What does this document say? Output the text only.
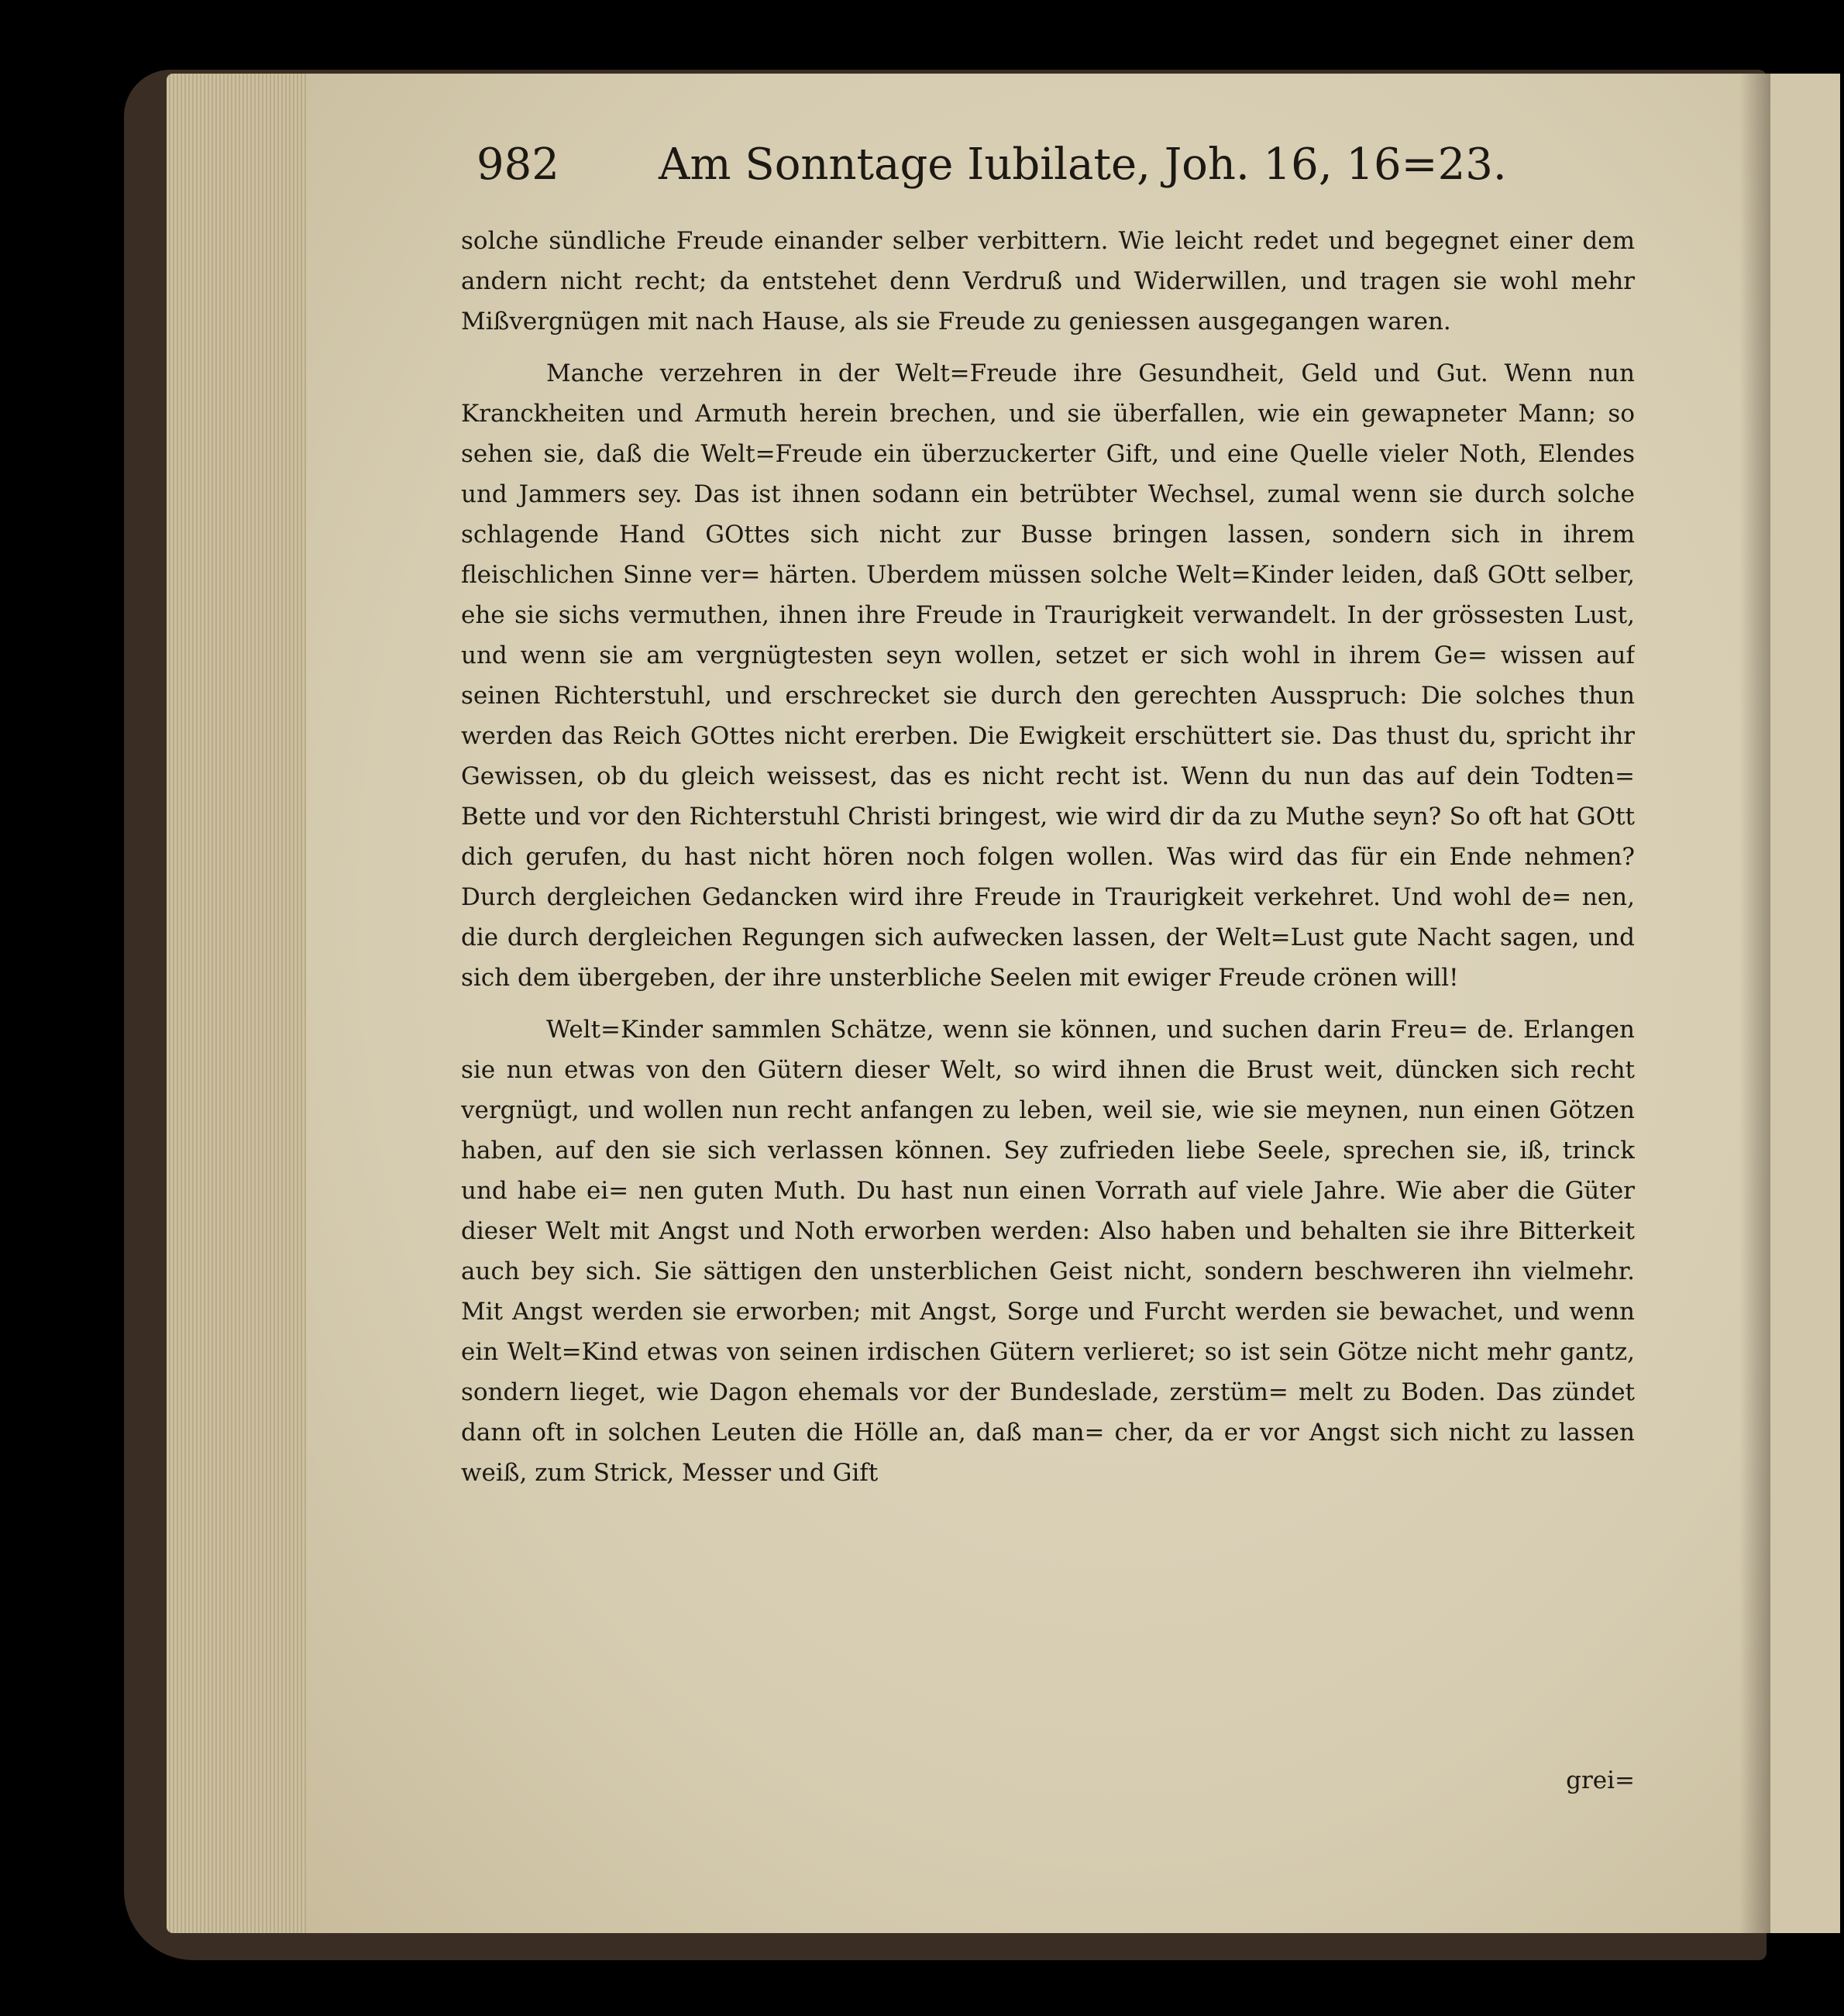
982 Am Sonntage Iubilate, Joh. 16, 16=23.

solche sündliche Freude einander selber verbittern. Wie leicht redet und begegnet einer dem andern nicht recht; da entstehet denn Verdruß und Widerwillen, und tragen sie wohl mehr Mißvergnügen mit nach Hause, als sie Freude zu geniessen ausgegangen waren.

Manche verzehren in der Welt=Freude ihre Gesundheit, Geld und Gut. Wenn nun Kranckheiten und Armuth herein brechen, und sie überfallen, wie ein gewapneter Mann; so sehen sie, daß die Welt=Freude ein überzuckerter Gift, und eine Quelle vieler Noth, Elendes und Jammers sey. Das ist ihnen sodann ein betrübter Wechsel, zumal wenn sie durch solche schlagende Hand GOttes sich nicht zur Busse bringen lassen, sondern sich in ihrem fleischlichen Sinne ver= härten. Uberdem müssen solche Welt=Kinder leiden, daß GOtt selber, ehe sie sichs vermuthen, ihnen ihre Freude in Traurigkeit verwandelt. In der grössesten Lust, und wenn sie am vergnügtesten seyn wollen, setzet er sich wohl in ihrem Ge= wissen auf seinen Richterstuhl, und erschrecket sie durch den gerechten Ausspruch: Die solches thun werden das Reich GOttes nicht ererben. Die Ewigkeit erschüttert sie. Das thust du, spricht ihr Gewissen, ob du gleich weissest, das es nicht recht ist. Wenn du nun das auf dein Todten= Bette und vor den Richterstuhl Christi bringest, wie wird dir da zu Muthe seyn? So oft hat GOtt dich gerufen, du hast nicht hören noch folgen wollen. Was wird das für ein Ende nehmen? Durch dergleichen Gedancken wird ihre Freude in Traurigkeit verkehret. Und wohl de= nen, die durch dergleichen Regungen sich aufwecken lassen, der Welt=Lust gute Nacht sagen, und sich dem übergeben, der ihre unsterbliche Seelen mit ewiger Freude crönen will!

Welt=Kinder sammlen Schätze, wenn sie können, und suchen darin Freu= de. Erlangen sie nun etwas von den Gütern dieser Welt, so wird ihnen die Brust weit, düncken sich recht vergnügt, und wollen nun recht anfangen zu leben, weil sie, wie sie meynen, nun einen Götzen haben, auf den sie sich verlassen können. Sey zufrieden liebe Seele, sprechen sie, iß, trinck und habe ei= nen guten Muth. Du hast nun einen Vorrath auf viele Jahre. Wie aber die Güter dieser Welt mit Angst und Noth erworben werden: Also haben und behalten sie ihre Bitterkeit auch bey sich. Sie sättigen den unsterblichen Geist nicht, sondern beschweren ihn vielmehr. Mit Angst werden sie erworben; mit Angst, Sorge und Furcht werden sie bewachet, und wenn ein Welt=Kind etwas von seinen irdischen Gütern verlieret; so ist sein Götze nicht mehr gantz, sondern lieget, wie Dagon ehemals vor der Bundeslade, zerstüm= melt zu Boden. Das zündet dann oft in solchen Leuten die Hölle an, daß man= cher, da er vor Angst sich nicht zu lassen weiß, zum Strick, Messer und Gift

grei=
